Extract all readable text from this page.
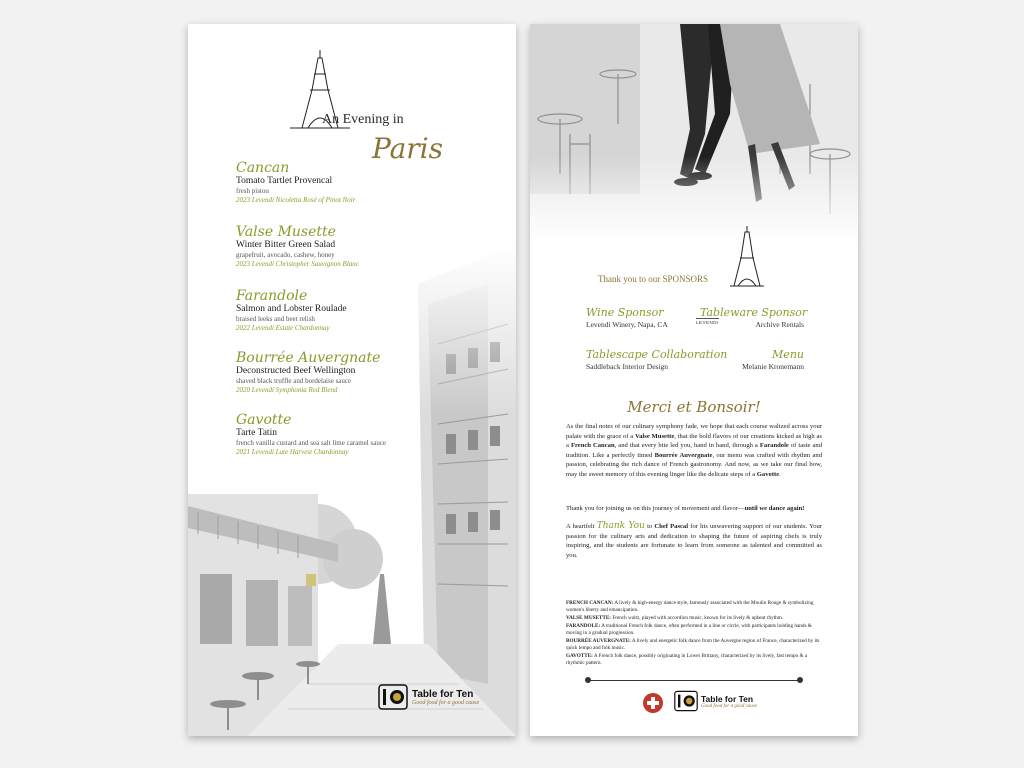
An Evening in
Paris
Cancan
Tomato Tartlet Provencal
fresh pistou
2023 Levendi Nicoletta Rosé of Pinot Noir
Valse Musette
Winter Bitter Green Salad
grapefruit, avocado, cashew, honey
2023 Levendi Christopher Sauvignon Blanc
Farandole
Salmon and Lobster Roulade
braised leeks and beet relish
2022 Levendi Estate Chardonnay
Bourrée Auvergnate
Deconstructed Beef Wellington
shaved black truffle and bordelaise sauce
2020 Levendi Symphonia Red Blend
Gavotte
Tarte Tatin
french vanilla custard and sea salt lime caramel sauce
2021 Levendi Late Harvest Chardonnay
Table for Ten
Good food for a good cause
Thank you to our SPONSORS
Wine Sponsor
Levendi Winery, Napa, CA	LEVENDI
Tableware Sponsor
Archive Rentals
Tablescape Collaboration
Saddleback Interior Design
Menu
Melanie Kronemann
Merci et Bonsoir!
As the final notes of our culinary symphony fade, we hope that each course waltzed across your palate with the grace of a Valse Musette, that the bold flavors of our creations kicked as high as a French Cancan, and that every bite led you, hand in hand, through a Farandole of taste and tradition. Like a perfectly timed Bourrée Auvergnate, our menu was crafted with rhythm and passion, celebrating the rich dance of French gastronomy. And now, as we take our final bow, may the sweet memory of this evening linger like the delicate steps of a Gavotte.
Thank you for joining us on this journey of movement and flavor—until we dance again!
A heartfelt Thank You to Chef Pascal for his unwavering support of our students. Your passion for the culinary arts and dedication to shaping the future of aspiring chefs is truly inspiring, and the students are fortunate to learn from someone as talented and committed as you.

FRENCH CANCAN: A lively & high-energy dance style, famously associated with the Moulin Rouge & symbolizing women's liberty and emancipation.

VALSE MUSETTE: French waltz, played with accordion music, known for its lively & upbeat rhythm.

FARANDOLE: A traditional French folk dance, often performed in a line or circle, with participants holding hands & moving in a gradual progression.

BOURRÉE AUVERGNATE: A lively and energetic folk dance from the Auvergne region of France, characterized by its quick tempo and folk music.

GAVOTTE: A French folk dance, possibly originating in Lower Brittany, characterized by its lively, fast tempo & a rhythmic pattern.

Table for Ten
Good food for a good cause
